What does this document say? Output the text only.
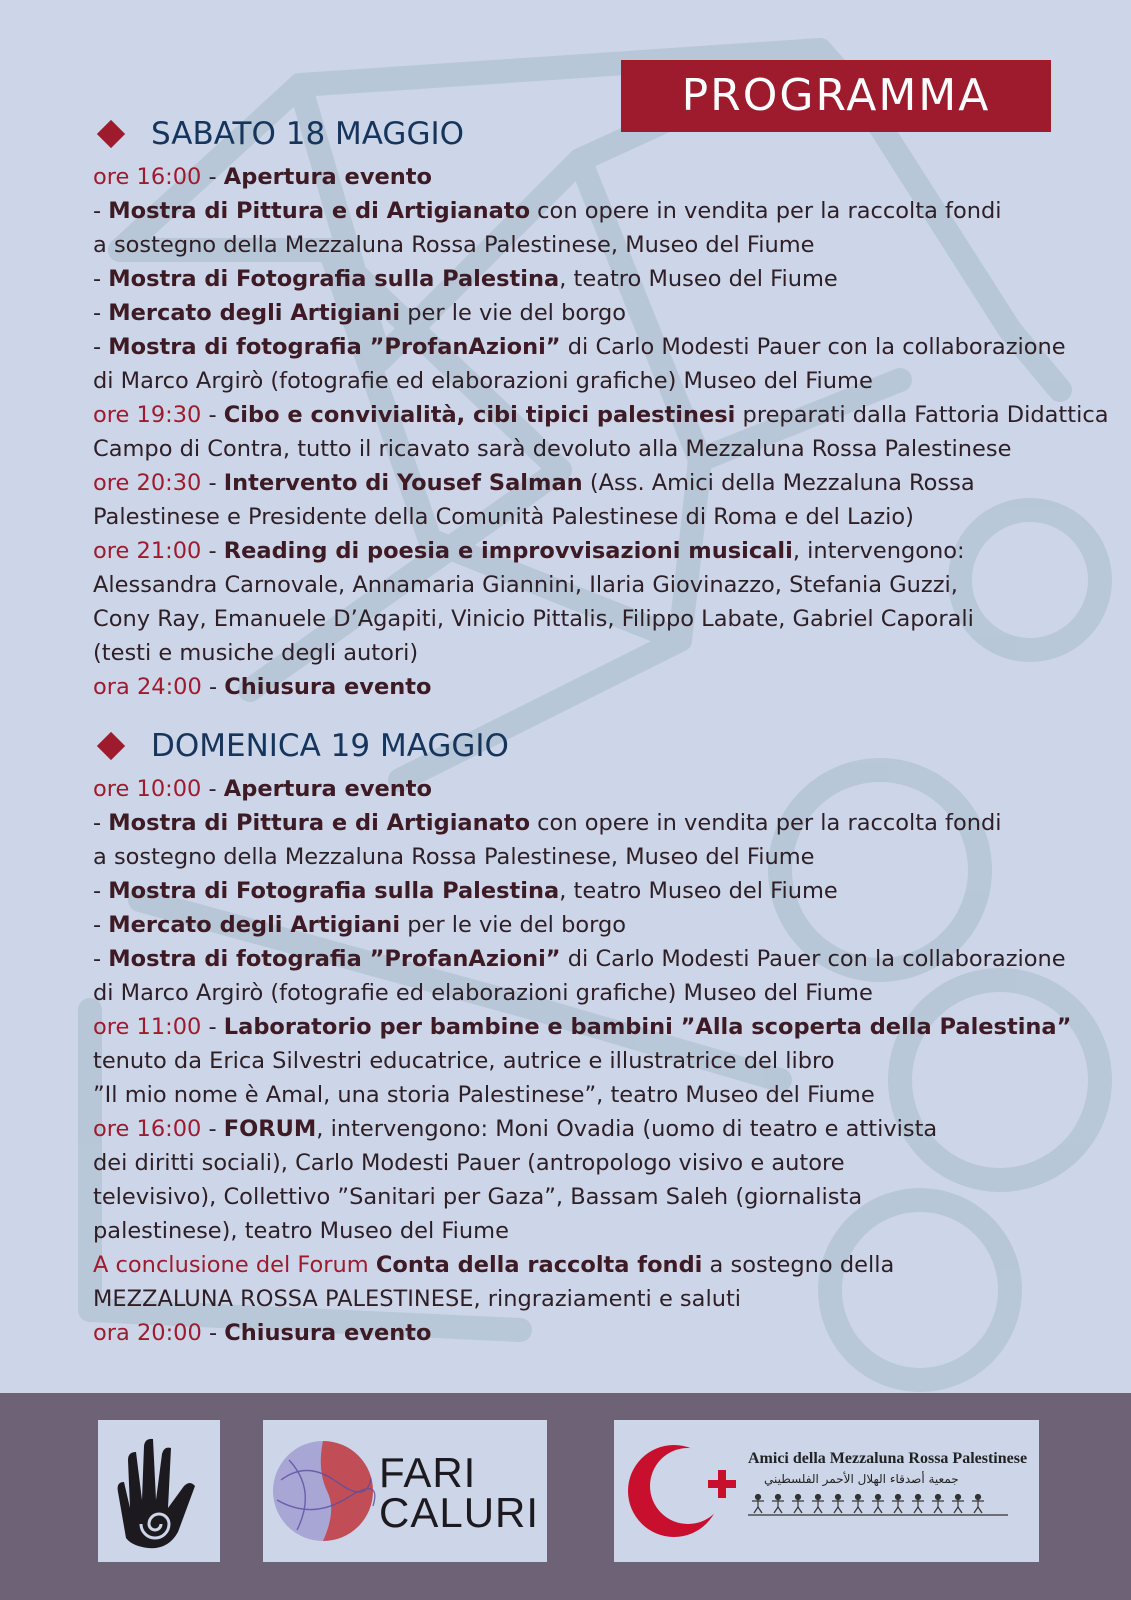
PROGRAMMA
SABATO 18 MAGGIO
ore 16:00 - Apertura evento
- Mostra di Pittura e di Artigianato con opere in vendita per la raccolta fondi
a sostegno della Mezzaluna Rossa Palestinese, Museo del Fiume
- Mostra di Fotografia sulla Palestina, teatro Museo del Fiume
- Mercato degli Artigiani per le vie del borgo
- Mostra di fotografia ”ProfanAzioni” di Carlo Modesti Pauer con la collaborazione
di Marco Argirò (fotografie ed elaborazioni grafiche) Museo del Fiume
ore 19:30 - Cibo e convivialità, cibi tipici palestinesi preparati dalla Fattoria Didattica
Campo di Contra, tutto il ricavato sarà devoluto alla Mezzaluna Rossa Palestinese
ore 20:30 - Intervento di Yousef Salman (Ass. Amici della Mezzaluna Rossa
Palestinese e Presidente della Comunità Palestinese di Roma e del Lazio)
ore 21:00 - Reading di poesia e improvvisazioni musicali, intervengono:
Alessandra Carnovale, Annamaria Giannini, Ilaria Giovinazzo, Stefania Guzzi,
Cony Ray, Emanuele D’Agapiti, Vinicio Pittalis, Filippo Labate, Gabriel Caporali
(testi e musiche degli autori)
ora 24:00 - Chiusura evento
DOMENICA 19 MAGGIO
ore 10:00 - Apertura evento
- Mostra di Pittura e di Artigianato con opere in vendita per la raccolta fondi
a sostegno della Mezzaluna Rossa Palestinese, Museo del Fiume
- Mostra di Fotografia sulla Palestina, teatro Museo del Fiume
- Mercato degli Artigiani per le vie del borgo
- Mostra di fotografia ”ProfanAzioni” di Carlo Modesti Pauer con la collaborazione
di Marco Argirò (fotografie ed elaborazioni grafiche) Museo del Fiume
ore 11:00 - Laboratorio per bambine e bambini ”Alla scoperta della Palestina”
tenuto da Erica Silvestri educatrice, autrice e illustratrice del libro
”Il mio nome è Amal, una storia Palestinese”, teatro Museo del Fiume
ore 16:00 - FORUM, intervengono: Moni Ovadia (uomo di teatro e attivista
dei diritti sociali), Carlo Modesti Pauer (antropologo visivo e autore
televisivo), Collettivo ”Sanitari per Gaza”, Bassam Saleh (giornalista
palestinese), teatro Museo del Fiume
A conclusione del Forum Conta della raccolta fondi a sostegno della
MEZZALUNA ROSSA PALESTINESE, ringraziamenti e saluti
ora 20:00 - Chiusura evento
FARI
CALURI
Amici della Mezzaluna Rossa Palestinese
جمعية أصدقاء الهلال الأحمر الفلسطيني
